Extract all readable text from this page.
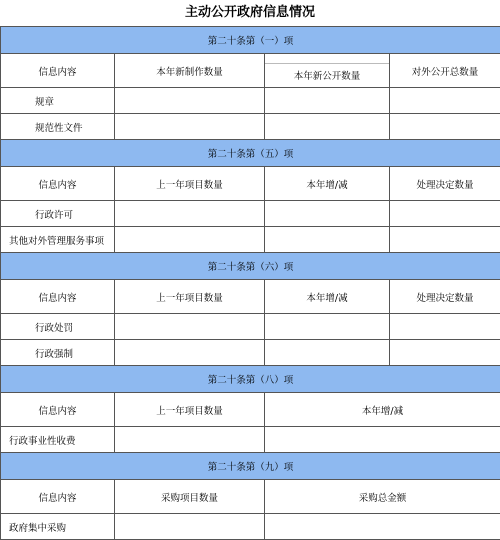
主动公开政府信息情况
第二十条第（一）项			
信息内容	本年新制作数量	本年新公开数量	对外公开总数量
规章			
规范性文件			
第二十条第（五）项			
信息内容	上一年项目数量	本年增/减	处理决定数量
行政许可			
其他对外管理服务事项			
第二十条第（六）项			
信息内容	上一年项目数量	本年增/减	处理决定数量
行政处罚			
行政强制			
第二十条第（八）项			
信息内容	上一年项目数量	本年增/减	
行政事业性收费			
第二十条第（九）项			
信息内容	采购项目数量	采购总金额	
政府集中采购			
